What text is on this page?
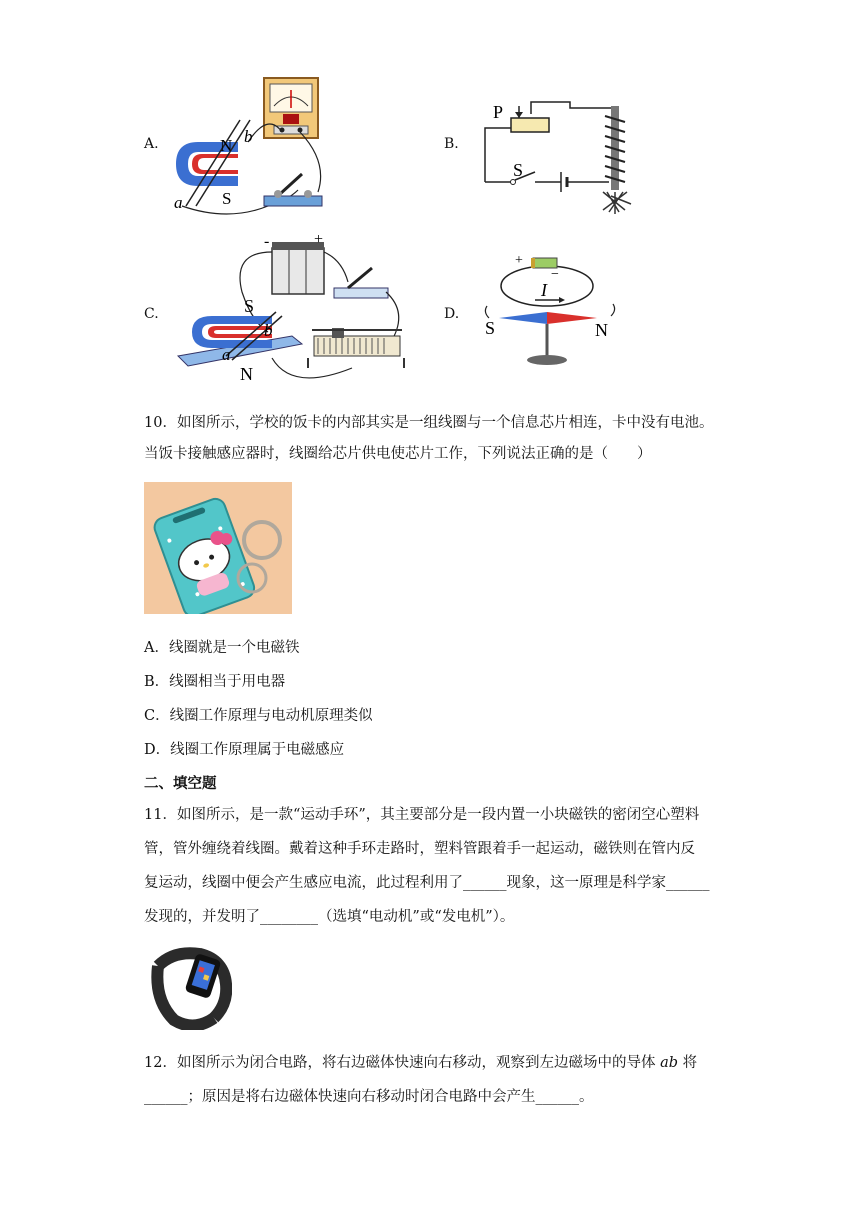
A.	N b
a S
B.
P
S
C.
-	+
S
b
a
N
D.
+
−
I
S	N
10．如图所示，学校的饭卡的内部其实是一组线圈与一个信息芯片相连，卡中没有电池。
当饭卡接触感应器时，线圈给芯片供电使芯片工作，下列说法正确的是（　　）
A．线圈就是一个电磁铁
B．线圈相当于用电器
C．线圈工作原理与电动机原理类似
D．线圈工作原理属于电磁感应
二、填空题
11．如图所示，是一款“运动手环”，其主要部分是一段内置一小块磁铁的密闭空心塑料
管，管外缠绕着线圈。戴着这种手环走路时，塑料管跟着手一起运动，磁铁则在管内反
复运动，线圈中便会产生感应电流，此过程利用了______现象，这一原理是科学家______
发现的，并发明了________（选填“电动机”或“发电机”）。
12．如图所示为闭合电路，将右边磁体快速向右移动，观察到左边磁场中的导体 ab 将
______；原因是将右边磁体快速向右移动时闭合电路中会产生______。
